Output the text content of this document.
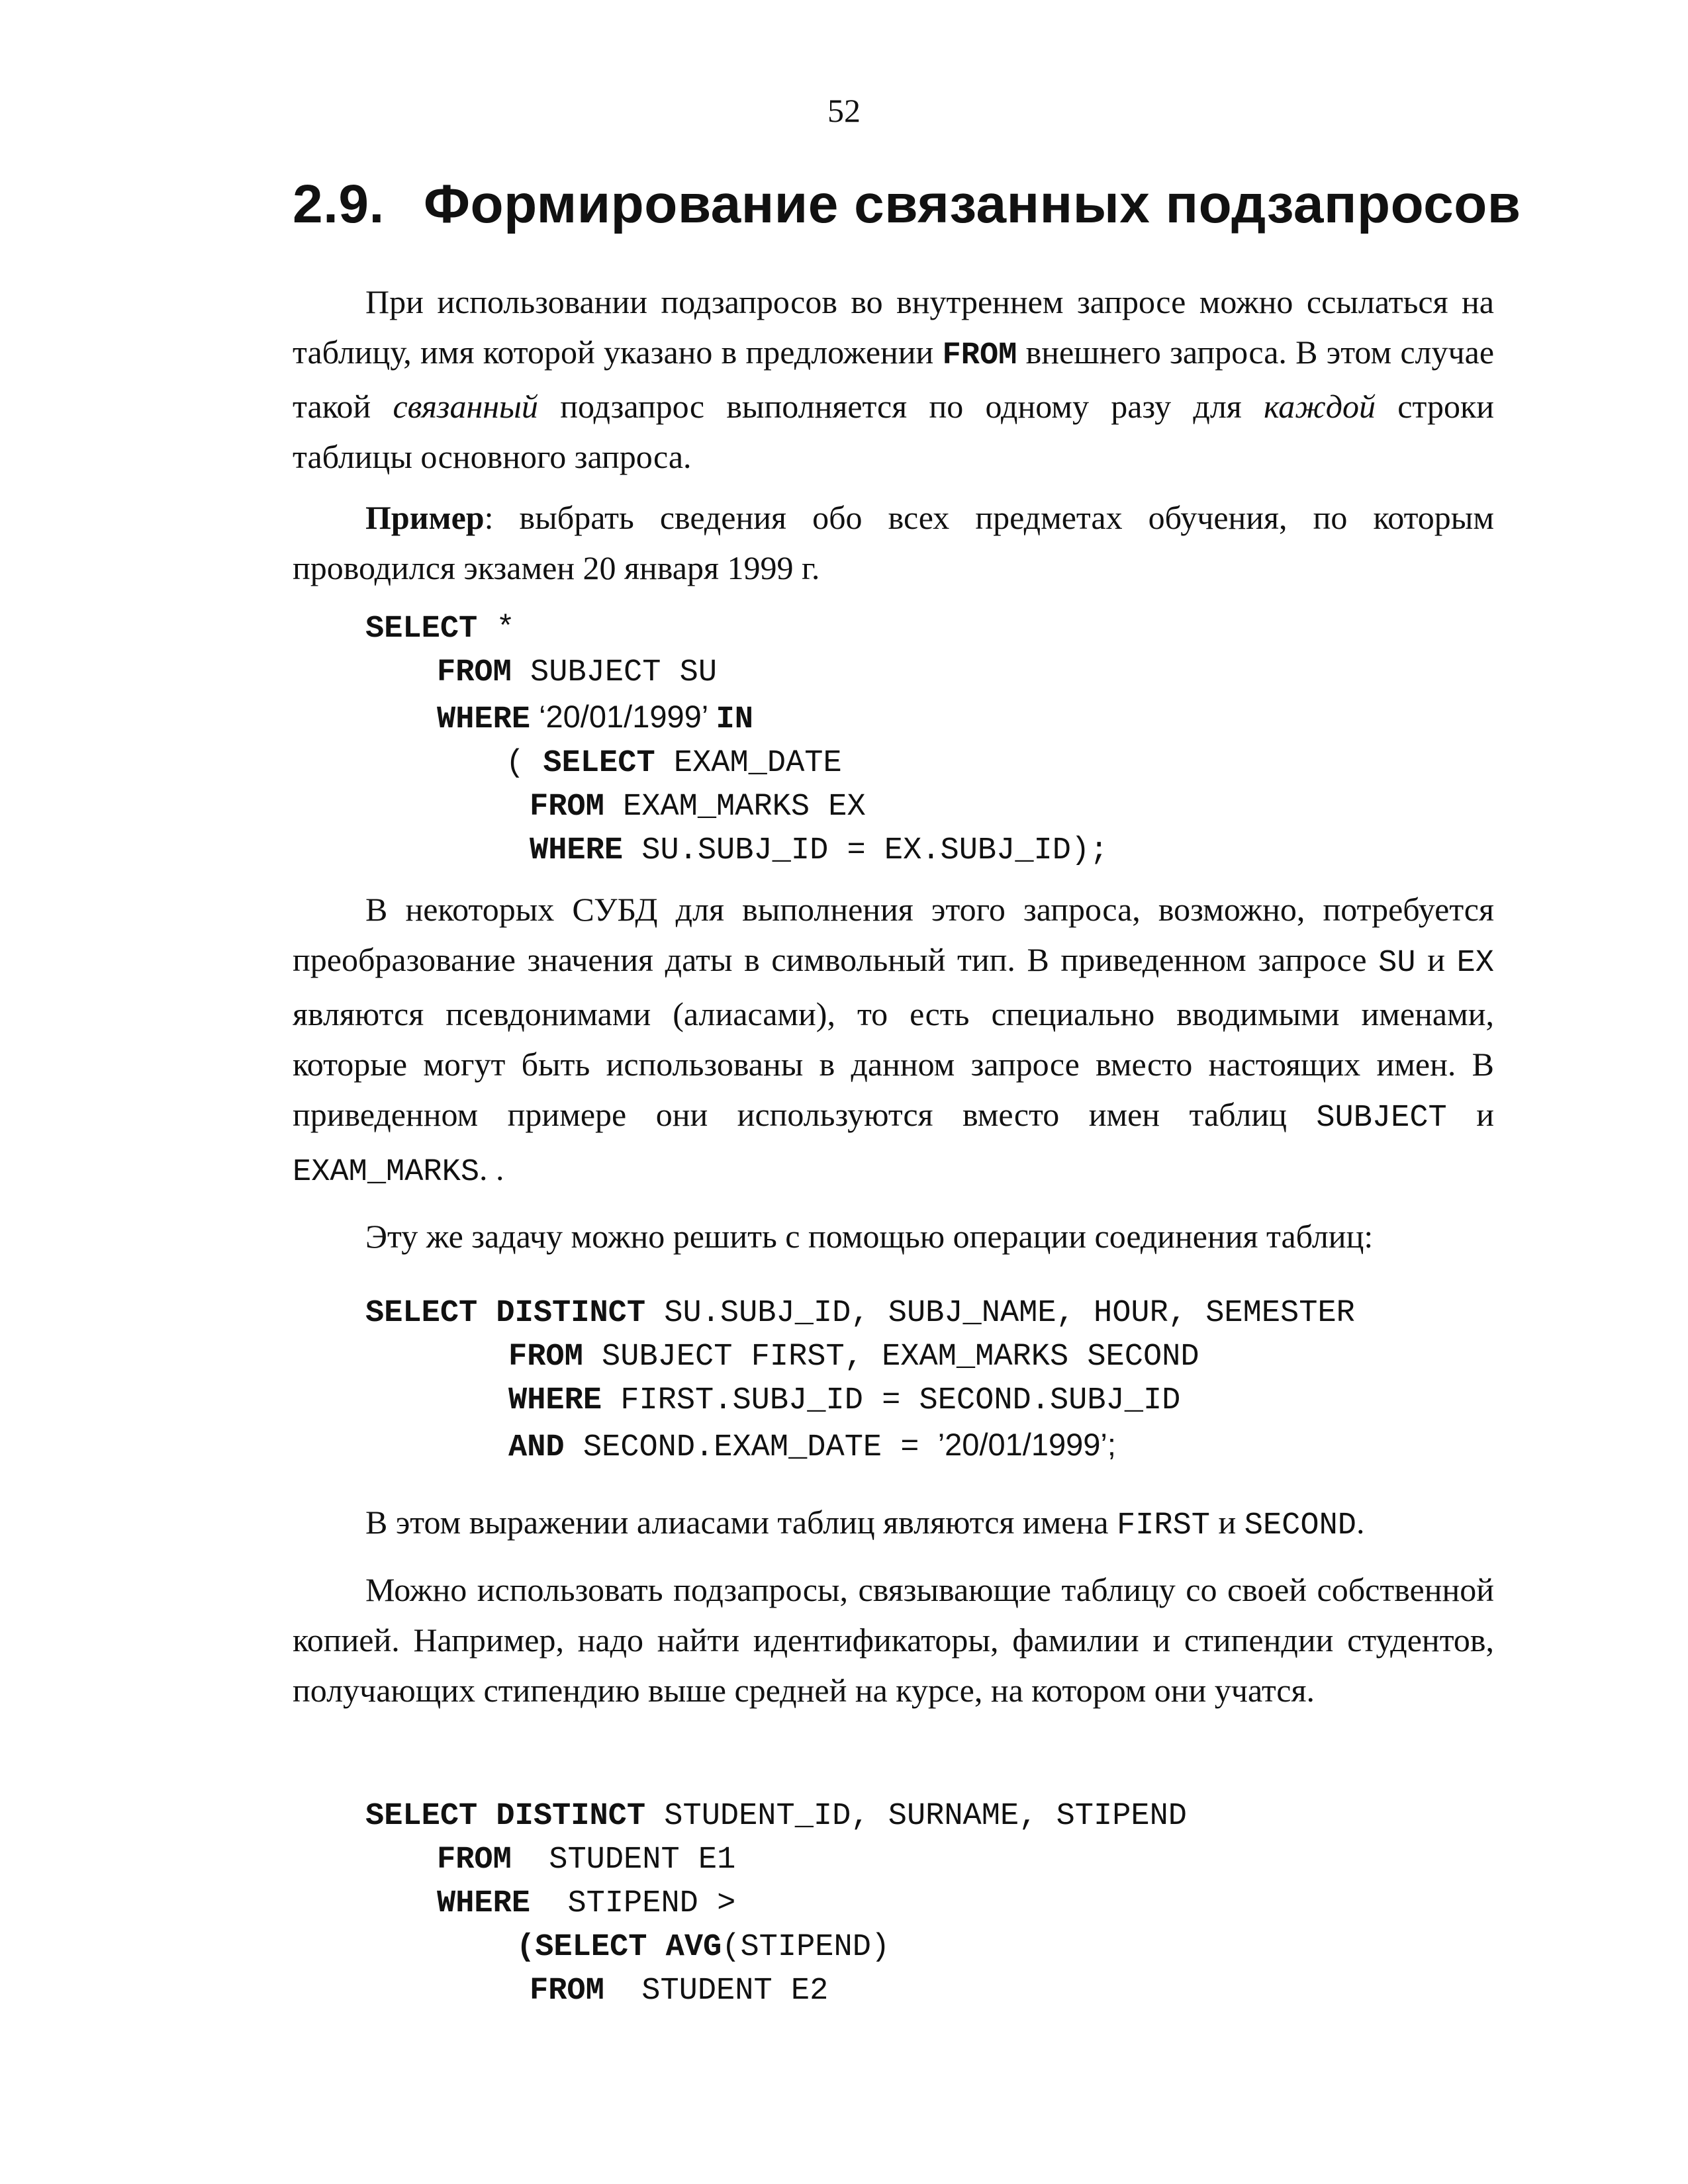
52
2.9. Формирование связанных подзапросов

При использовании подзапросов во внутреннем запросе можно ссылаться на таблицу, имя которой указано в предложении FROM внешнего запроса. В этом случае такой связанный подзапрос выполняется по одному разу для каждой строки таблицы основного запроса.

Пример: выбрать сведения обо всех предметах обучения, по которым проводился экзамен 20 января 1999 г.

SELECT *
FROM SUBJECT SU
WHERE ‘20/01/1999’ IN
( SELECT EXAM_DATE
FROM EXAM_MARKS EX
WHERE SU.SUBJ_ID = EX.SUBJ_ID);

В некоторых СУБД для выполнения этого запроса, возможно, потребуется преобразование значения даты в символьный тип. В приведенном запросе SU и EX являются псевдонимами (алиасами), то есть специально вводимыми именами, которые могут быть использованы в данном запросе вместо настоящих имен. В приведенном примере они используются вместо имен таблиц SUBJECT и EXAM_MARKS. .

Эту же задачу можно решить с помощью операции соединения таблиц:

SELECT DISTINCT SU.SUBJ_ID, SUBJ_NAME, HOUR, SEMESTER
FROM SUBJECT FIRST, EXAM_MARKS SECOND
WHERE FIRST.SUBJ_ID = SECOND.SUBJ_ID
AND SECOND.EXAM_DATE = ’20/01/1999’;

В этом выражении алиасами таблиц являются имена FIRST и SECOND.

Можно использовать подзапросы, связывающие таблицу со своей собственной копией. Например, надо найти идентификаторы, фамилии и стипендии студентов, получающих стипендию выше средней на курсе, на котором они учатся.

SELECT DISTINCT STUDENT_ID, SURNAME, STIPEND
FROM  STUDENT E1
WHERE  STIPEND >
(SELECT AVG(STIPEND)
FROM  STUDENT E2
